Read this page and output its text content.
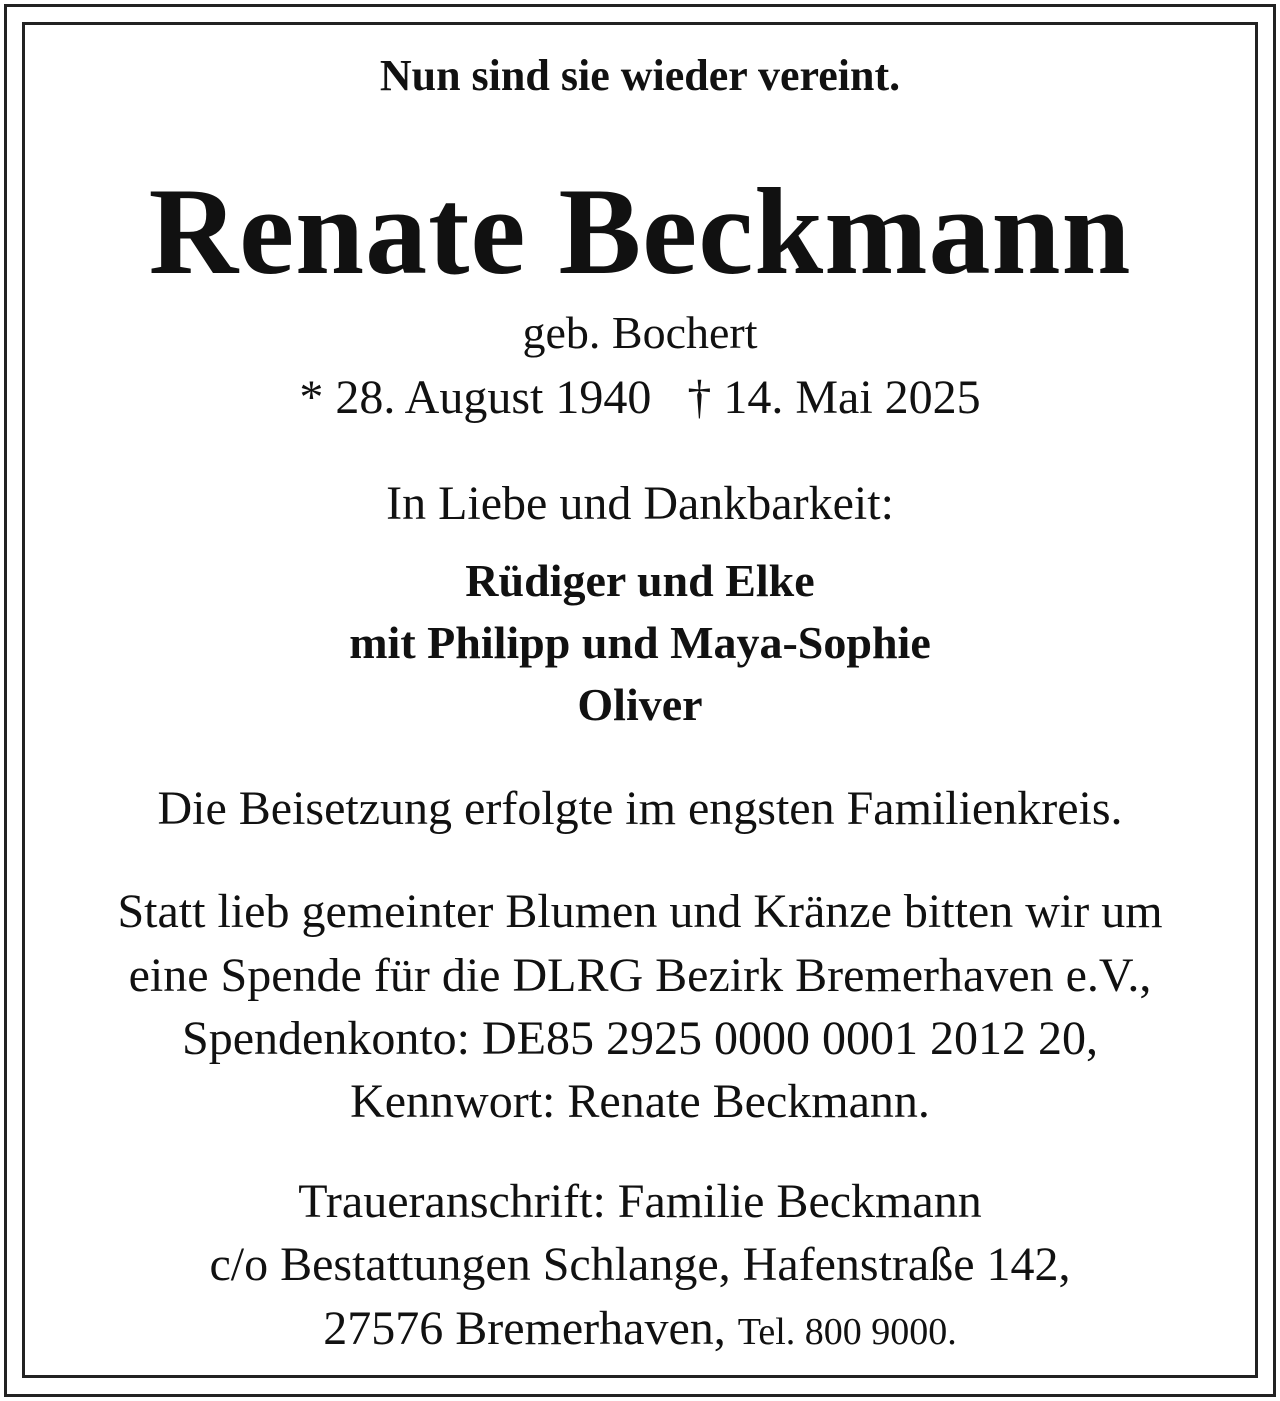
Nun sind sie wieder vereint.
Renate Beckmann
geb. Bochert
* 28. August 1940 † 14. Mai 2025
In Liebe und Dankbarkeit:
Rüdiger und Elke
mit Philipp und Maya-Sophie
Oliver
Die Beisetzung erfolgte im engsten Familienkreis.
Statt lieb gemeinter Blumen und Kränze bitten wir um
eine Spende für die DLRG Bezirk Bremerhaven e.V.,
Spendenkonto: DE85 2925 0000 0001 2012 20,
Kennwort: Renate Beckmann.
Traueranschrift: Familie Beckmann
c/o Bestattungen Schlange, Hafenstraße 142,
27576 Bremerhaven, Tel. 800 9000.
